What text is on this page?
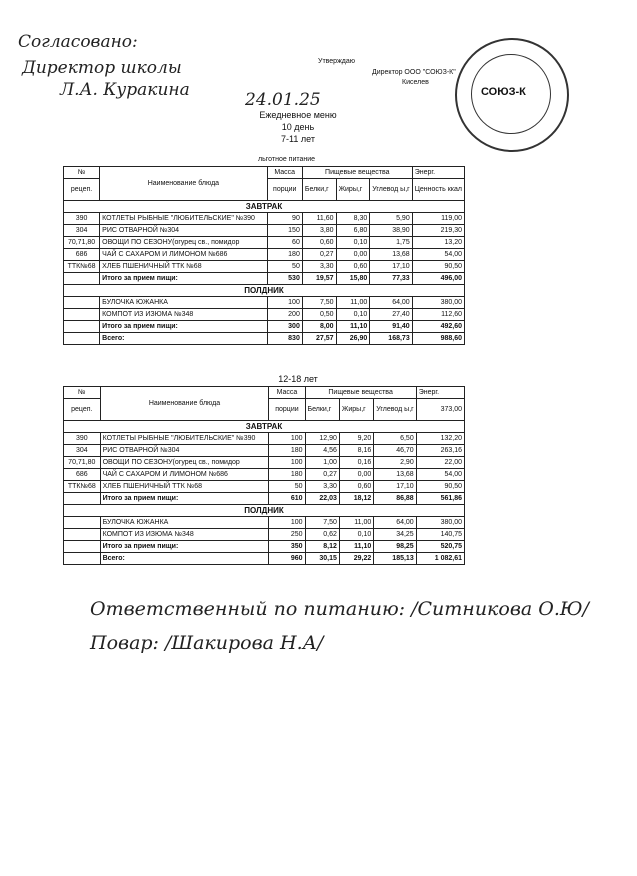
Согласовано:
Директор школы
Л.А. Куракина
Утверждаю
Директор ООО "СОЮЗ-К"
Киселев
СОЮЗ-К
24.01.25
Ежедневное меню
10 день
7-11 лет
льготное питание
№	Наименование блюда	Масса	Пищевые вещества			Энерг.
рецеп.		порции	Белки,г	Жиры,г	Углевод ы,г	Ценность ккал
ЗАВТРАК						
390	КОТЛЕТЫ РЫБНЫЕ "ЛЮБИТЕЛЬСКИЕ" №390	90	11,60	8,30	5,90	119,00
304	РИС ОТВАРНОЙ №304	150	3,80	6,80	38,90	219,30
70,71,80	ОВОЩИ ПО СЕЗОНУ(огурец св., помидор	60	0,60	0,10	1,75	13,20
686	ЧАЙ С САХАРОМ И ЛИМОНОМ №686	180	0,27	0,00	13,68	54,00
ТТК№68	ХЛЕБ ПШЕНИЧНЫЙ ТТК №68	50	3,30	0,60	17,10	90,50
	Итого за прием пищи:	530	19,57	15,80	77,33	496,00
ПОЛДНИК						
	БУЛОЧКА ЮЖАНКА	100	7,50	11,00	64,00	380,00
	КОМПОТ ИЗ ИЗЮМА №348	200	0,50	0,10	27,40	112,60
	Итого за прием пищи:	300	8,00	11,10	91,40	492,60
	Всего:	830	27,57	26,90	168,73	988,60
12-18 лет
№	Наименование блюда	Масса	Пищевые вещества			Энерг.
рецеп.		порции	Белки,г	Жиры,г	Углевод ы,г	373,00
ЗАВТРАК						
390	КОТЛЕТЫ РЫБНЫЕ "ЛЮБИТЕЛЬСКИЕ" №390	100	12,90	9,20	6,50	132,20
304	РИС ОТВАРНОЙ №304	180	4,56	8,16	46,70	263,16
70,71,80	ОВОЩИ ПО СЕЗОНУ(огурец св., помидор	100	1,00	0,16	2,90	22,00
686	ЧАЙ С САХАРОМ И ЛИМОНОМ №686	180	0,27	0,00	13,68	54,00
ТТК№68	ХЛЕБ ПШЕНИЧНЫЙ ТТК №68	50	3,30	0,60	17,10	90,50
	Итого за прием пищи:	610	22,03	18,12	86,88	561,86
ПОЛДНИК						
	БУЛОЧКА ЮЖАНКА	100	7,50	11,00	64,00	380,00
	КОМПОТ ИЗ ИЗЮМА №348	250	0,62	0,10	34,25	140,75
	Итого за прием пищи:	350	8,12	11,10	98,25	520,75
	Всего:	960	30,15	29,22	185,13	1 082,61
Ответственный по питанию: /Ситникова О.Ю/
Повар: /Шакирова Н.А/
